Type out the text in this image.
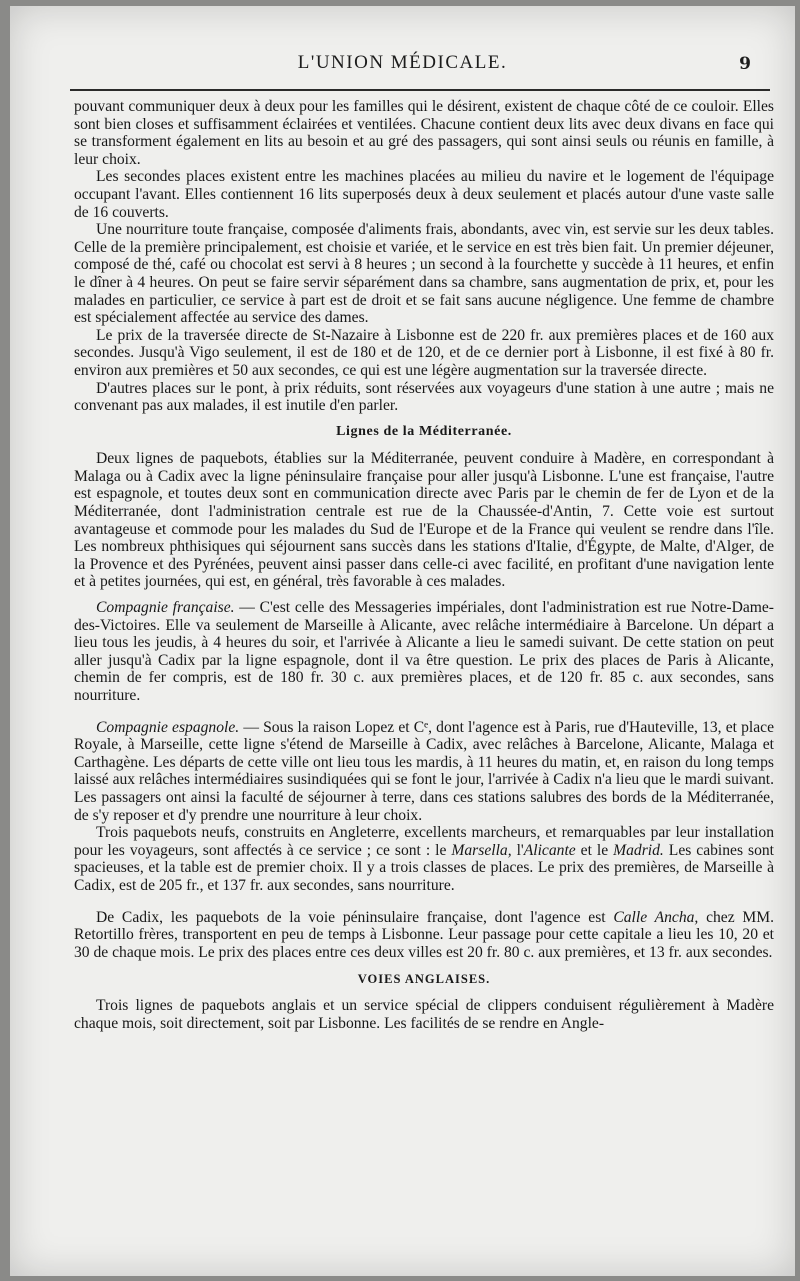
L'UNION MÉDICALE.	9

pouvant communiquer deux à deux pour les familles qui le désirent, existent de chaque côté de ce couloir. Elles sont bien closes et suffisamment éclairées et ventilées. Chacune contient deux lits avec deux divans en face qui se transforment également en lits au besoin et au gré des passagers, qui sont ainsi seuls ou réunis en famille, à leur choix.

Les secondes places existent entre les machines placées au milieu du navire et le logement de l'équipage occupant l'avant. Elles contiennent 16 lits superposés deux à deux seulement et placés autour d'une vaste salle de 16 couverts.

Une nourriture toute française, composée d'aliments frais, abondants, avec vin, est servie sur les deux tables. Celle de la première principalement, est choisie et variée, et le service en est très bien fait. Un premier déjeuner, composé de thé, café ou chocolat est servi à 8 heures ; un second à la fourchette y succède à 11 heures, et enfin le dîner à 4 heures. On peut se faire servir séparément dans sa chambre, sans augmentation de prix, et, pour les malades en particulier, ce service à part est de droit et se fait sans aucune négligence. Une femme de chambre est spécialement affectée au service des dames.

Le prix de la traversée directe de St-Nazaire à Lisbonne est de 220 fr. aux premières places et de 160 aux secondes. Jusqu'à Vigo seulement, il est de 180 et de 120, et de ce dernier port à Lisbonne, il est fixé à 80 fr. environ aux premières et 50 aux secondes, ce qui est une légère augmentation sur la traversée directe.

D'autres places sur le pont, à prix réduits, sont réservées aux voyageurs d'une station à une autre ; mais ne convenant pas aux malades, il est inutile d'en parler.

Lignes de la Méditerranée.

Deux lignes de paquebots, établies sur la Méditerranée, peuvent conduire à Madère, en correspondant à Malaga ou à Cadix avec la ligne péninsulaire française pour aller jusqu'à Lisbonne. L'une est française, l'autre est espagnole, et toutes deux sont en communication directe avec Paris par le chemin de fer de Lyon et de la Méditerranée, dont l'administration centrale est rue de la Chaussée-d'Antin, 7. Cette voie est surtout avantageuse et commode pour les malades du Sud de l'Europe et de la France qui veulent se rendre dans l'île. Les nombreux phthisiques qui séjournent sans succès dans les stations d'Italie, d'Égypte, de Malte, d'Alger, de la Provence et des Pyrénées, peuvent ainsi passer dans celle-ci avec facilité, en profitant d'une navigation lente et à petites journées, qui est, en général, très favorable à ces malades.

Compagnie française. — C'est celle des Messageries impériales, dont l'administration est rue Notre-Dame-des-Victoires. Elle va seulement de Marseille à Alicante, avec relâche intermédiaire à Barcelone. Un départ a lieu tous les jeudis, à 4 heures du soir, et l'arrivée à Alicante a lieu le samedi suivant. De cette station on peut aller jusqu'à Cadix par la ligne espagnole, dont il va être question. Le prix des places de Paris à Alicante, chemin de fer compris, est de 180 fr. 30 c. aux premières places, et de 120 fr. 85 c. aux secondes, sans nourriture.

Compagnie espagnole. — Sous la raison Lopez et Cᵉ, dont l'agence est à Paris, rue d'Hauteville, 13, et place Royale, à Marseille, cette ligne s'étend de Marseille à Cadix, avec relâches à Barcelone, Alicante, Malaga et Carthagène. Les départs de cette ville ont lieu tous les mardis, à 11 heures du matin, et, en raison du long temps laissé aux relâches intermédiaires susindiquées qui se font le jour, l'arrivée à Cadix n'a lieu que le mardi suivant. Les passagers ont ainsi la faculté de séjourner à terre, dans ces stations salubres des bords de la Méditerranée, de s'y reposer et d'y prendre une nourriture à leur choix.

Trois paquebots neufs, construits en Angleterre, excellents marcheurs, et remarquables par leur installation pour les voyageurs, sont affectés à ce service ; ce sont : le Marsella, l'Alicante et le Madrid. Les cabines sont spacieuses, et la table est de premier choix. Il y a trois classes de places. Le prix des premières, de Marseille à Cadix, est de 205 fr., et 137 fr. aux secondes, sans nourriture.

De Cadix, les paquebots de la voie péninsulaire française, dont l'agence est Calle Ancha, chez MM. Retortillo frères, transportent en peu de temps à Lisbonne. Leur passage pour cette capitale a lieu les 10, 20 et 30 de chaque mois. Le prix des places entre ces deux villes est 20 fr. 80 c. aux premières, et 13 fr. aux secondes.

VOIES ANGLAISES.

Trois lignes de paquebots anglais et un service spécial de clippers conduisent régulièrement à Madère chaque mois, soit directement, soit par Lisbonne. Les facilités de se rendre en Angle-
